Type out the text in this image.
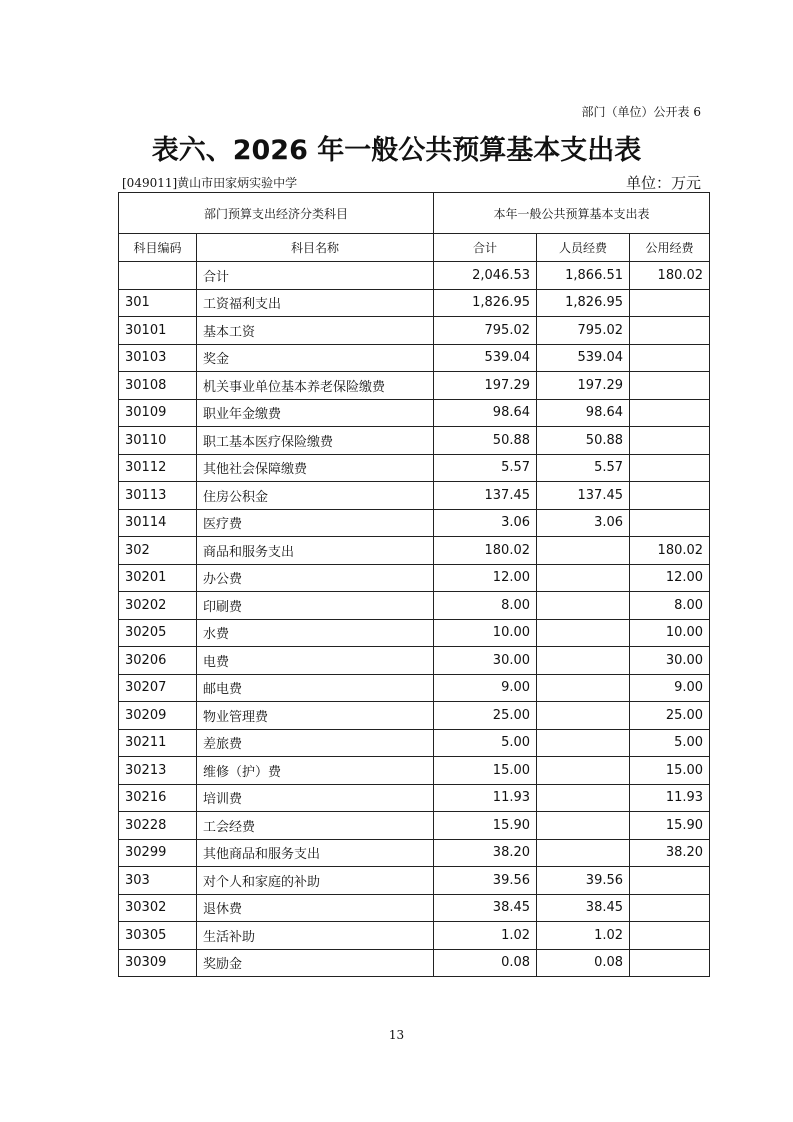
部门（单位）公开表 6
表六、2026 年一般公共预算基本支出表
[049011]黄山市田家炳实验中学	单位：万元
部门预算支出经济分类科目		本年一般公共预算基本支出表		
科目编码	科目名称	合计	人员经费	公用经费
	合计	2,046.53	1,866.51	180.02
301	工资福利支出	1,826.95	1,826.95	
30101	基本工资	795.02	795.02	
30103	奖金	539.04	539.04	
30108	机关事业单位基本养老保险缴费	197.29	197.29	
30109	职业年金缴费	98.64	98.64	
30110	职工基本医疗保险缴费	50.88	50.88	
30112	其他社会保障缴费	5.57	5.57	
30113	住房公积金	137.45	137.45	
30114	医疗费	3.06	3.06	
302	商品和服务支出	180.02		180.02
30201	办公费	12.00		12.00
30202	印刷费	8.00		8.00
30205	水费	10.00		10.00
30206	电费	30.00		30.00
30207	邮电费	9.00		9.00
30209	物业管理费	25.00		25.00
30211	差旅费	5.00		5.00
30213	维修（护）费	15.00		15.00
30216	培训费	11.93		11.93
30228	工会经费	15.90		15.90
30299	其他商品和服务支出	38.20		38.20
303	对个人和家庭的补助	39.56	39.56	
30302	退休费	38.45	38.45	
30305	生活补助	1.02	1.02	
30309	奖励金	0.08	0.08	
13
